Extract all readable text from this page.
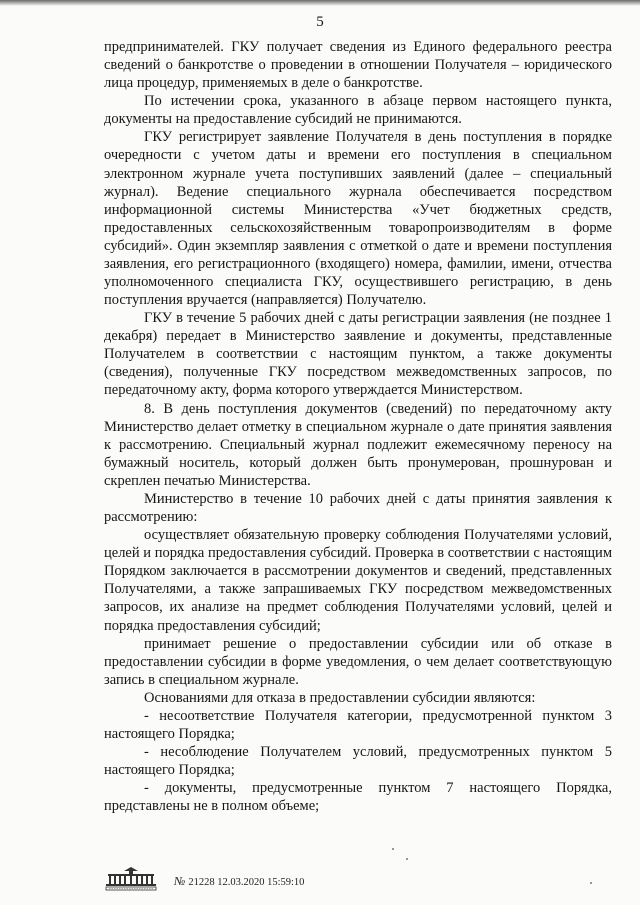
5

предпринимателей. ГКУ получает сведения из Единого федерального реестра сведений о банкротстве о проведении в отношении Получателя – юридического лица процедур, применяемых в деле о банкротстве.

По истечении срока, указанного в абзаце первом настоящего пункта, документы на предоставление субсидий не принимаются.

ГКУ регистрирует заявление Получателя в день поступления в порядке очередности с учетом даты и времени его поступления в специальном электронном журнале учета поступивших заявлений (далее – специальный журнал). Ведение специального журнала обеспечивается посредством информационной системы Министерства «Учет бюджетных средств, предоставленных сельскохозяйственным товаропроизводителям в форме субсидий». Один экземпляр заявления с отметкой о дате и времени поступления заявления, его регистрационного (входящего) номера, фамилии, имени, отчества уполномоченного специалиста ГКУ, осуществившего регистрацию, в день поступления вручается (направляется) Получателю.

ГКУ в течение 5 рабочих дней с даты регистрации заявления (не позднее 1 декабря) передает в Министерство заявление и документы, представленные Получателем в соответствии с настоящим пунктом, а также документы (сведения), полученные ГКУ посредством межведомственных запросов, по передаточному акту, форма которого утверждается Министерством.

8. В день поступления документов (сведений) по передаточному акту Министерство делает отметку в специальном журнале о дате принятия заявления к рассмотрению. Специальный журнал подлежит ежемесячному переносу на бумажный носитель, который должен быть пронумерован, прошнурован и скреплен печатью Министерства.

Министерство в течение 10 рабочих дней с даты принятия заявления к рассмотрению:

осуществляет обязательную проверку соблюдения Получателями условий, целей и порядка предоставления субсидий. Проверка в соответствии с настоящим Порядком заключается в рассмотрении документов и сведений, представленных Получателями, а также запрашиваемых ГКУ посредством межведомственных запросов, их анализе на предмет соблюдения Получателями условий, целей и порядка предоставления субсидий;

принимает решение о предоставлении субсидии или об отказе в предоставлении субсидии в форме уведомления, о чем делает соответствующую запись в специальном журнале.

Основаниями для отказа в предоставлении субсидии являются:

- несоответствие Получателя категории, предусмотренной пунктом 3 настоящего Порядка;

- несоблюдение Получателем условий, предусмотренных пунктом 5 настоящего Порядка;

- документы, предусмотренные пунктом 7 настоящего Порядка, представлены не в полном объеме;

№ 21228 12.03.2020 15:59:10
